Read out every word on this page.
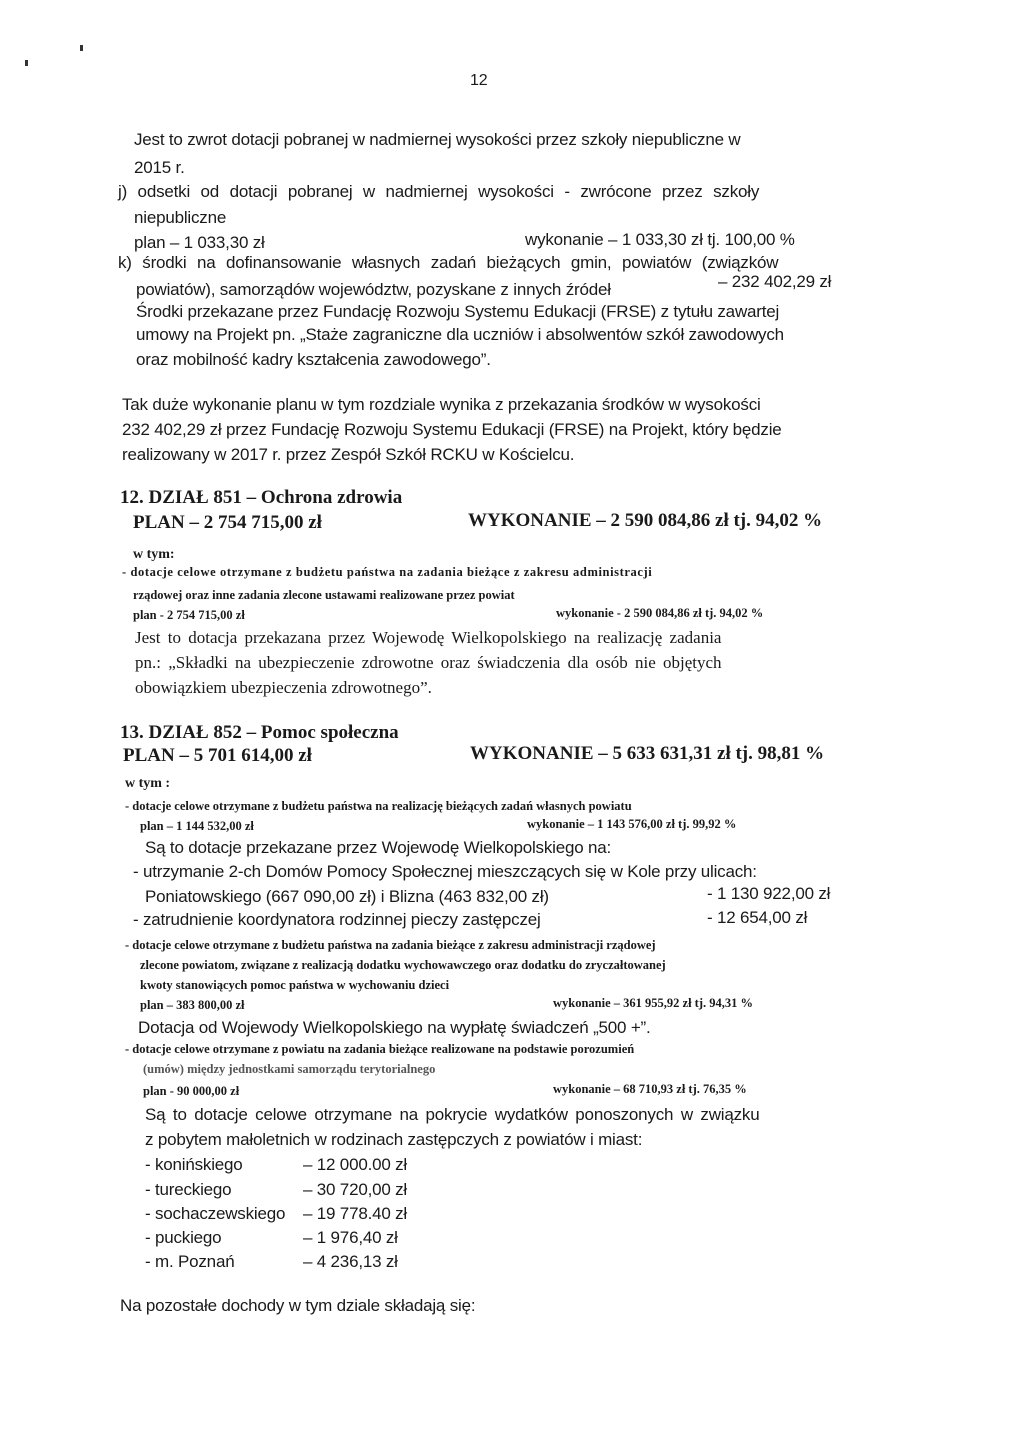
12
Jest to zwrot dotacji pobranej w nadmiernej wysokości przez szkoły niepubliczne w
2015 r.
j) odsetki od dotacji pobranej w nadmiernej wysokości - zwrócone przez szkoły
niepubliczne
plan – 1 033,30 zł	wykonanie – 1 033,30 zł tj. 100,00 %
k) środki na dofinansowanie własnych zadań bieżących gmin, powiatów (związków
powiatów), samorządów województw, pozyskane z innych źródeł	– 232 402,29 zł
Środki przekazane przez Fundację Rozwoju Systemu Edukacji (FRSE) z tytułu zawartej
umowy na Projekt pn. „Staże zagraniczne dla uczniów i absolwentów szkół zawodowych
oraz mobilność kadry kształcenia zawodowego”.
Tak duże wykonanie planu w tym rozdziale wynika z przekazania środków w wysokości
232 402,29 zł przez Fundację Rozwoju Systemu Edukacji (FRSE) na Projekt, który będzie
realizowany w 2017 r. przez Zespół Szkół RCKU w Kościelcu.
12. DZIAŁ 851 – Ochrona zdrowia
PLAN – 2 754 715,00 zł	WYKONANIE – 2 590 084,86 zł tj. 94,02 %
w tym:
- dotacje celowe otrzymane z budżetu państwa na zadania bieżące z zakresu administracji
rządowej oraz inne zadania zlecone ustawami realizowane przez powiat
plan - 2 754 715,00 zł	wykonanie - 2 590 084,86 zł tj. 94,02 %
Jest to dotacja przekazana przez Wojewodę Wielkopolskiego na realizację zadania
pn.: „Składki na ubezpieczenie zdrowotne oraz świadczenia dla osób nie objętych
obowiązkiem ubezpieczenia zdrowotnego”.
13. DZIAŁ 852 – Pomoc społeczna
PLAN – 5 701 614,00 zł	WYKONANIE – 5 633 631,31 zł tj. 98,81 %
w tym :
- dotacje celowe otrzymane z budżetu państwa na realizację bieżących zadań własnych powiatu
plan – 1 144 532,00 zł	wykonanie – 1 143 576,00 zł tj. 99,92 %
Są to dotacje przekazane przez Wojewodę Wielkopolskiego na:
- utrzymanie 2-ch Domów Pomocy Społecznej mieszczących się w Kole przy ulicach:
Poniatowskiego (667 090,00 zł) i Blizna (463 832,00 zł)	- 1 130 922,00 zł
- zatrudnienie koordynatora rodzinnej pieczy zastępczej	- 12 654,00 zł
- dotacje celowe otrzymane z budżetu państwa na zadania bieżące z zakresu administracji rządowej
zlecone powiatom, związane z realizacją dodatku wychowawczego oraz dodatku do zryczałtowanej
kwoty stanowiących pomoc państwa w wychowaniu dzieci
plan – 383 800,00 zł	wykonanie – 361 955,92 zł tj. 94,31 %
Dotacja od Wojewody Wielkopolskiego na wypłatę świadczeń „500 +”.
- dotacje celowe otrzymane z powiatu na zadania bieżące realizowane na podstawie porozumień
(umów) między jednostkami samorządu terytorialnego
plan - 90 000,00 zł	wykonanie – 68 710,93 zł tj. 76,35 %
Są to dotacje celowe otrzymane na pokrycie wydatków ponoszonych w związku
z pobytem małoletnich w rodzinach zastępczych z powiatów i miast:
- konińskiego	– 12 000.00 zł
- tureckiego	– 30 720,00 zł
- sochaczewskiego – 19 778.40 zł
- puckiego	– 1 976,40 zł
- m. Poznań	– 4 236,13 zł
Na pozostałe dochody w tym dziale składają się:
